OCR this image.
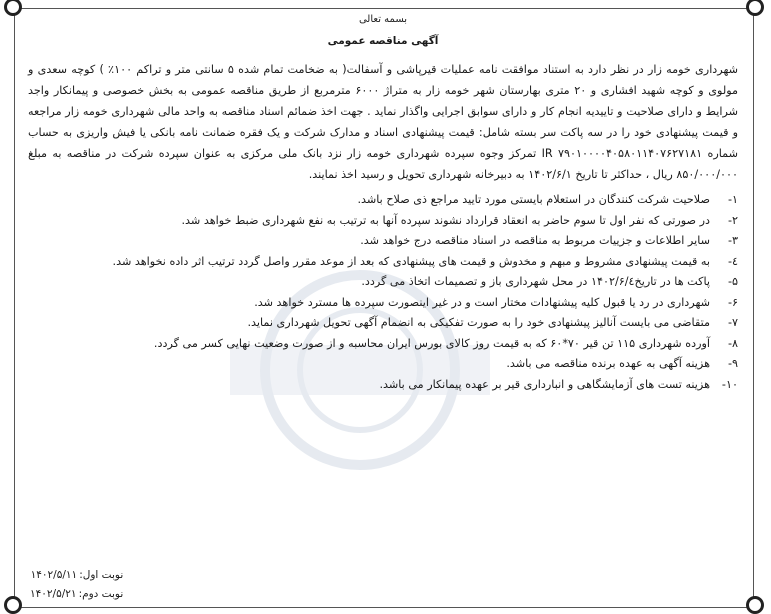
بسمه تعالی
آگهی مناقصه عمومی

شهرداری خومه زار در نظر دارد به استناد موافقت نامه عملیات قیرپاشی و آسفالت( به ضخامت تمام شده ۵ سانتی متر و تراکم ۱۰۰٪ ) کوچه سعدی و مولوی و کوچه شهید افشاری و ۲۰ متری بهارستان شهر خومه زار به متراژ ۶۰۰۰ مترمربع از طریق مناقصه عمومی به بخش خصوصی و پیمانکار واجد شرایط و دارای صلاحیت و تاییدیه انجام کار و دارای سوابق اجرایی واگذار نماید . جهت اخذ ضمائم اسناد مناقصه به واحد مالی شهرداری خومه زار مراجعه و قیمت پیشنهادی خود را در سه پاکت سر بسته شامل: قیمت پیشنهادی اسناد و مدارک شرکت و یک فقره ضمانت نامه بانکی یا فیش واریزی به حساب شماره IR ۷۹۰۱۰۰۰۰۴۰۵۸۰۱۱۴۰۷۶۲۷۱۸۱ تمرکز وجوه سپرده شهرداری خومه زار نزد بانک ملی مرکزی به عنوان سپرده شرکت در مناقصه به مبلغ ۸۵۰/۰۰۰/۰۰۰ ریال ، حداکثر تا تاریخ ۱۴۰۲/۶/۱ به دبیرخانه شهرداری تحویل و رسید اخذ نمایند.

۱-
صلاحیت شرکت کنندگان در استعلام بایستی مورد تایید مراجع ذی صلاح باشد.
۲-
در صورتی که نفر اول تا سوم حاضر به انعقاد قرارداد نشوند سپرده آنها به ترتیب به نفع شهرداری ضبط خواهد شد.
۳-
سایر اطلاعات و جزییات مربوط به مناقصه در اسناد مناقصه درج خواهد شد.
٤-
به قیمت پیشنهادی مشروط و مبهم و مخدوش و قیمت های پیشنهادی که بعد از موعد مقرر واصل گردد ترتیب اثر داده نخواهد شد.
۵-
پاکت ها در تاریخ۱۴۰۲/۶/٤ در محل شهرداری باز و تصمیمات اتخاذ می گردد.
۶-
شهرداری در رد یا قبول کلیه پیشنهادات مختار است و در غیر اینصورت سپرده ها مسترد خواهد شد.
۷-
متقاضی می بایست آنالیز پیشنهادی خود را به صورت تفکیکی به انضمام آگهی تحویل شهرداری نماید.
۸-
آورده شهرداری ۱۱۵ تن قیر ۷۰*۶۰ که به قیمت روز کالای بورس ایران محاسبه و از صورت وضعیت نهایی کسر می گردد.
۹-
هزینه آگهی به عهده برنده مناقصه می باشد.
۱۰-
هزینه تست های آزمایشگاهی و انبارداری قیر بر عهده پیمانکار می باشد.
نوبت اول:
۱۴۰۲/۵/۱۱
نوبت دوم:
۱۴۰۲/۵/۲۱
